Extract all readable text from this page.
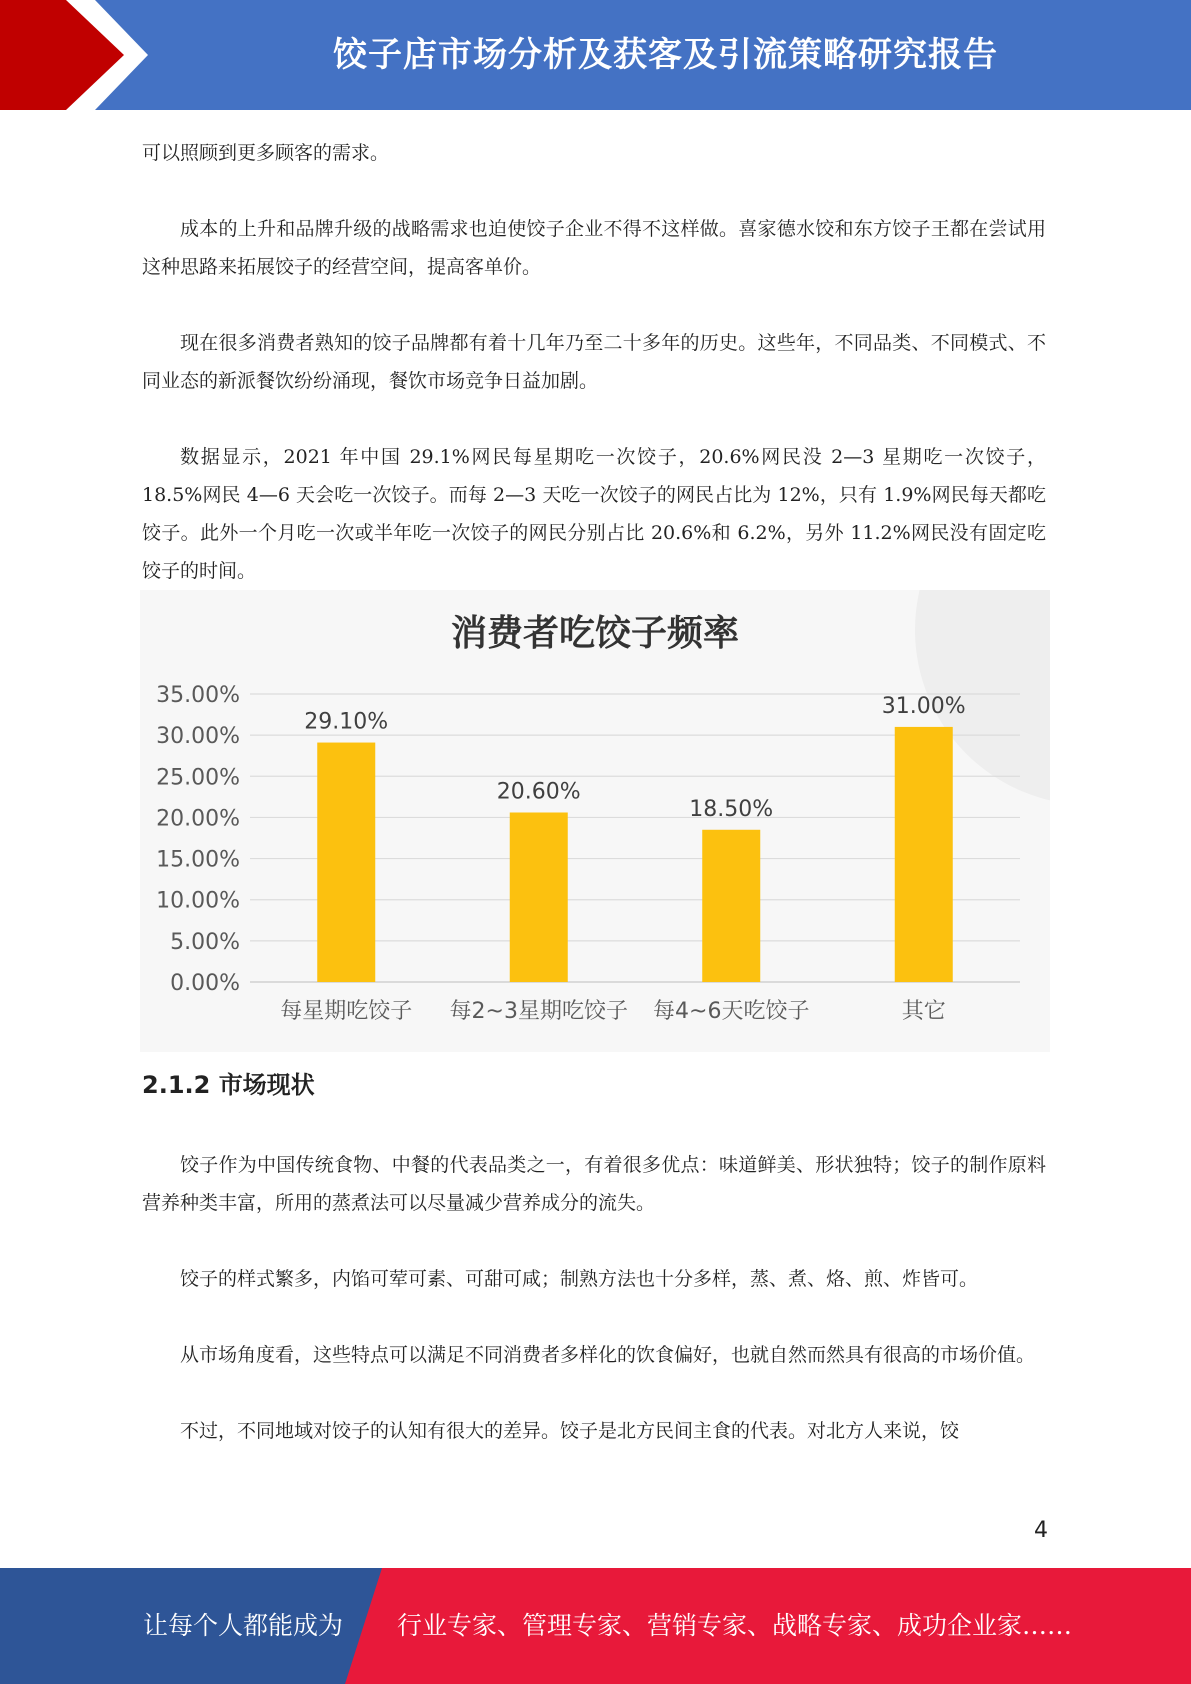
饺子店市场分析及获客及引流策略研究报告

可以照顾到更多顾客的需求。

成本的上升和品牌升级的战略需求也迫使饺子企业不得不这样做。喜家德水饺和东方饺子王都在尝试用这种思路来拓展饺子的经营空间，提高客单价。

现在很多消费者熟知的饺子品牌都有着十几年乃至二十多年的历史。这些年，不同品类、不同模式、不同业态的新派餐饮纷纷涌现，餐饮市场竞争日益加剧。

数据显示，2021 年中国 29.1%网民每星期吃一次饺子，20.6%网民没 2—3 星期吃一次饺子，18.5%网民 4—6 天会吃一次饺子。而每 2—3 天吃一次饺子的网民占比为 12%，只有 1.9%网民每天都吃饺子。此外一个月吃一次或半年吃一次饺子的网民分别占比 20.6%和 6.2%，另外 11.2%网民没有固定吃饺子的时间。

消费者吃饺子频率
0.00%
5.00%
10.00%
15.00%
20.00%
25.00%
30.00%
35.00%
29.10%
每星期吃饺子
20.60%
每2~3星期吃饺子
18.50%
每4~6天吃饺子
31.00%
其它
2.1.2 市场现状

饺子作为中国传统食物、中餐的代表品类之一，有着很多优点：味道鲜美、形状独特；饺子的制作原料营养种类丰富，所用的蒸煮法可以尽量减少营养成分的流失。

饺子的样式繁多，内馅可荤可素、可甜可咸；制熟方法也十分多样，蒸、煮、烙、煎、炸皆可。

从市场角度看，这些特点可以满足不同消费者多样化的饮食偏好，也就自然而然具有很高的市场价值。

不过，不同地域对饺子的认知有很大的差异。饺子是北方民间主食的代表。对北方人来说，饺

4
让每个人都能成为 行业专家、管理专家、营销专家、战略专家、成功企业家……
